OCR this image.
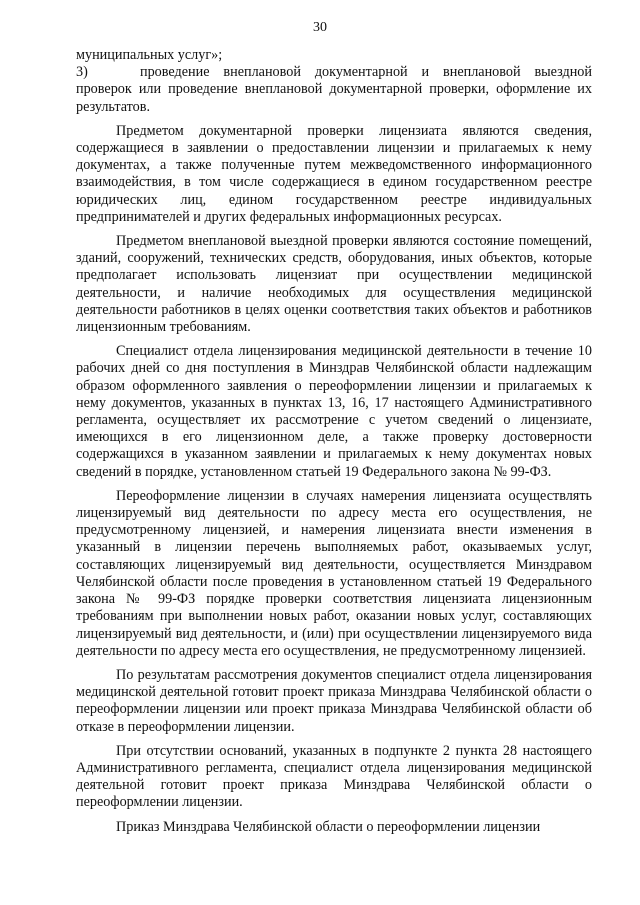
30

муниципальных услуг»;

3)	проведение внеплановой документарной и внеплановой выездной проверок или проведение внеплановой документарной проверки, оформление их результатов.

Предметом документарной проверки лицензиата являются сведения, содержащиеся в заявлении о предоставлении лицензии и прилагаемых к нему документах, а также полученные путем межведомственного информационного взаимодействия, в том числе содержащиеся в едином государственном реестре юридических лиц, едином государственном реестре индивидуальных предпринимателей и других федеральных информационных ресурсах.

Предметом внеплановой выездной проверки являются состояние помещений, зданий, сооружений, технических средств, оборудования, иных объектов, которые предполагает использовать лицензиат при осуществлении медицинской деятельности, и наличие необходимых для осуществления медицинской деятельности работников в целях оценки соответствия таких объектов и работников лицензионным требованиям.

Специалист отдела лицензирования медицинской деятельности в течение 10 рабочих дней со дня поступления в Минздрав Челябинской области надлежащим образом оформленного заявления о переоформлении лицензии и прилагаемых к нему документов, указанных в пунктах 13, 16, 17 настоящего Административного регламента, осуществляет их рассмотрение с учетом сведений о лицензиате, имеющихся в его лицензионном деле, а также проверку достоверности содержащихся в указанном заявлении и прилагаемых к нему документах новых сведений в порядке, установленном статьей 19 Федерального закона № 99-ФЗ.

Переоформление лицензии в случаях намерения лицензиата осуществлять лицензируемый вид деятельности по адресу места его осуществления, не предусмотренному лицензией, и намерения лицензиата внести изменения в указанный в лицензии перечень выполняемых работ, оказываемых услуг, составляющих лицензируемый вид деятельности, осуществляется Минздравом Челябинской области после проведения в установленном статьей 19 Федерального закона № 99-ФЗ порядке проверки соответствия лицензиата лицензионным требованиям при выполнении новых работ, оказании новых услуг, составляющих лицензируемый вид деятельности, и (или) при осуществлении лицензируемого вида деятельности по адресу места его осуществления, не предусмотренному лицензией.

По результатам рассмотрения документов специалист отдела лицензирования медицинской деятельной готовит проект приказа Минздрава Челябинской области о переоформлении лицензии или проект приказа Минздрава Челябинской области об отказе в переоформлении лицензии.

При отсутствии оснований, указанных в подпункте 2 пункта 28 настоящего Административного регламента, специалист отдела лицензирования медицинской деятельной готовит проект приказа Минздрава Челябинской области о переоформлении лицензии.

Приказ Минздрава Челябинской области о переоформлении лицензии
